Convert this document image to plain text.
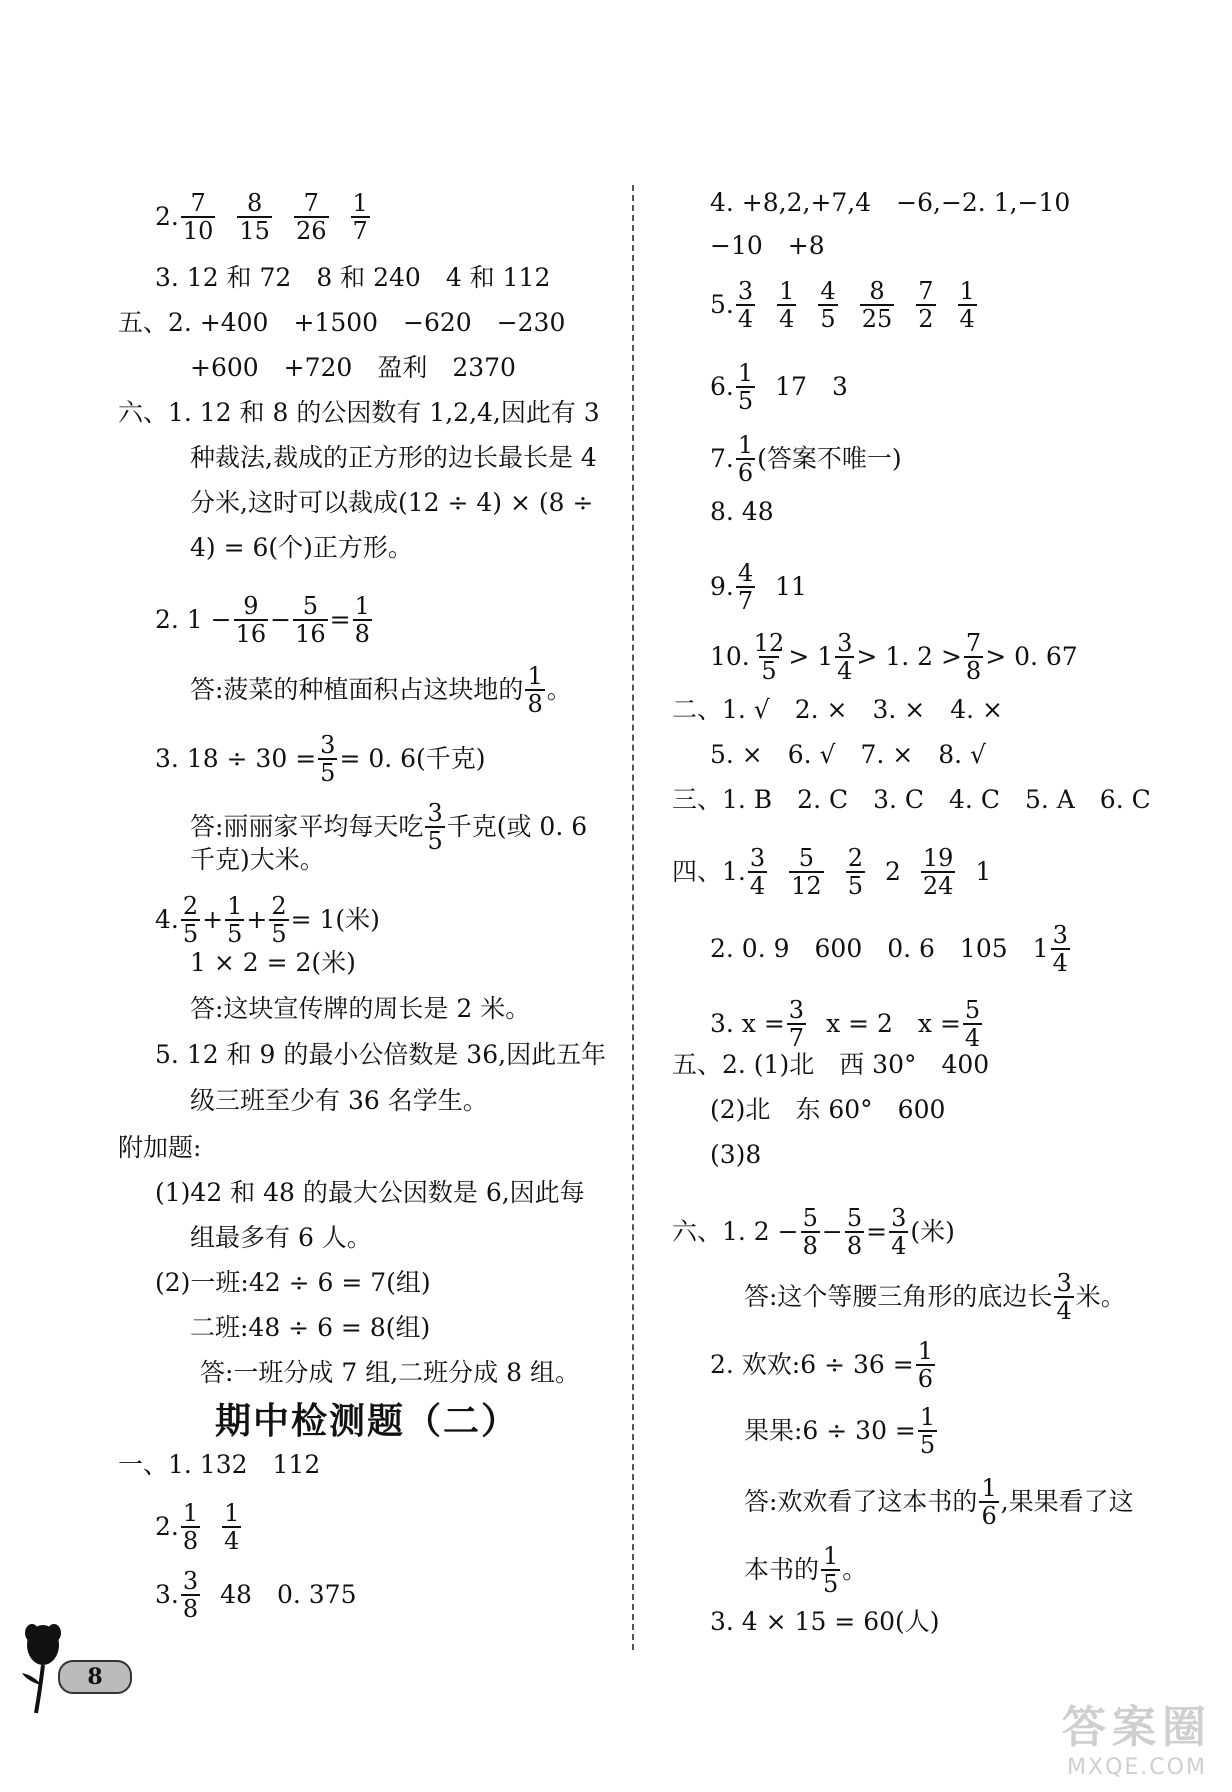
2. $\frac{7}{10} \frac{8}{15} \frac{7}{26} \frac{1}{7}$
3. 12 和 72　8 和 240　4 和 112
五、2. +400　+1500　−620　−230
+600　+720　盈利　2370
六、1. 12 和 8 的公因数有 1,2,4,因此有 3
种裁法,裁成的正方形的边长最长是 4
分米,这时可以裁成(12 ÷ 4) × (8 ÷
4) = 6(个)正方形。
2. $1 - \frac{9}{16} - \frac{5}{16} = \frac{1}{8}$
答:菠菜的种植面积占这块地的 $\frac{1}{8}$ 。
3. $18 \div 30 = \frac{3}{5} = 0$. 6(千克)
答:丽丽家平均每天吃 $\frac{3}{5}$ 千克(或 0. 6
千克)大米。
4. $\frac{2}{5} + \frac{1}{5} + \frac{2}{5} = 1$(米)
1 × 2 = 2(米)
答:这块宣传牌的周长是 2 米。
5. 12 和 9 的最小公倍数是 36,因此五年
级三班至少有 36 名学生。
附加题:
(1)42 和 48 的最大公因数是 6,因此每
组最多有 6 人。
(2)一班:42 ÷ 6 = 7(组)
二班:48 ÷ 6 = 8(组)
答:一班分成 7 组,二班分成 8 组。
一、1. 132　112
2. $\frac{1}{8} \frac{1}{4}$
3. $\frac{3}{8} 48$　0. 375
期中检测题（二）
4. +8,2,+7,4　−6,−2. 1,−10
−10　+8
5. $\frac{3}{4} \frac{1}{4} \frac{4}{5} \frac{8}{25} \frac{7}{2} \frac{1}{4}$
6. $\frac{1}{5} 17$　3
7. $\frac{1}{6}$ (答案不唯一)
8. 48
9. $\frac{4}{7} 11$
10. $\frac{12}{5} > 1 \frac{3}{4} > 1$. $2 > \frac{7}{8} > 0$. 67
二、1. √　2. ×　3. ×　4. ×
5. ×　6. √　7. ×　8. √
三、1. B　2. C　3. C　4. C　5. A　6. C
四、1. $\frac{3}{4} \frac{5}{12} \frac{2}{5} 2 \frac{19}{24} 1$
2. 0. 9　600　0. 6　105　$1 \frac{3}{4}$
3. $x = \frac{3}{7}$ x = 2　$x = \frac{5}{4}$
五、2. (1)北　西 30°　400
(2)北　东 60°　600
(3)8
六、1. $2 - \frac{5}{8} - \frac{5}{8} = \frac{3}{4}$ (米)
答:这个等腰三角形的底边长 $\frac{3}{4}$ 米。
2. 欢欢:6 ÷ $36 = \frac{1}{6}$
果果:6 ÷ $30 = \frac{1}{5}$
答:欢欢看了这本书的 $\frac{1}{6}$ ,果果看了这
本书的 $\frac{1}{5}$ 。
3. 4 × 15 = 60(人)
8
答案圈
MXQE.COM
